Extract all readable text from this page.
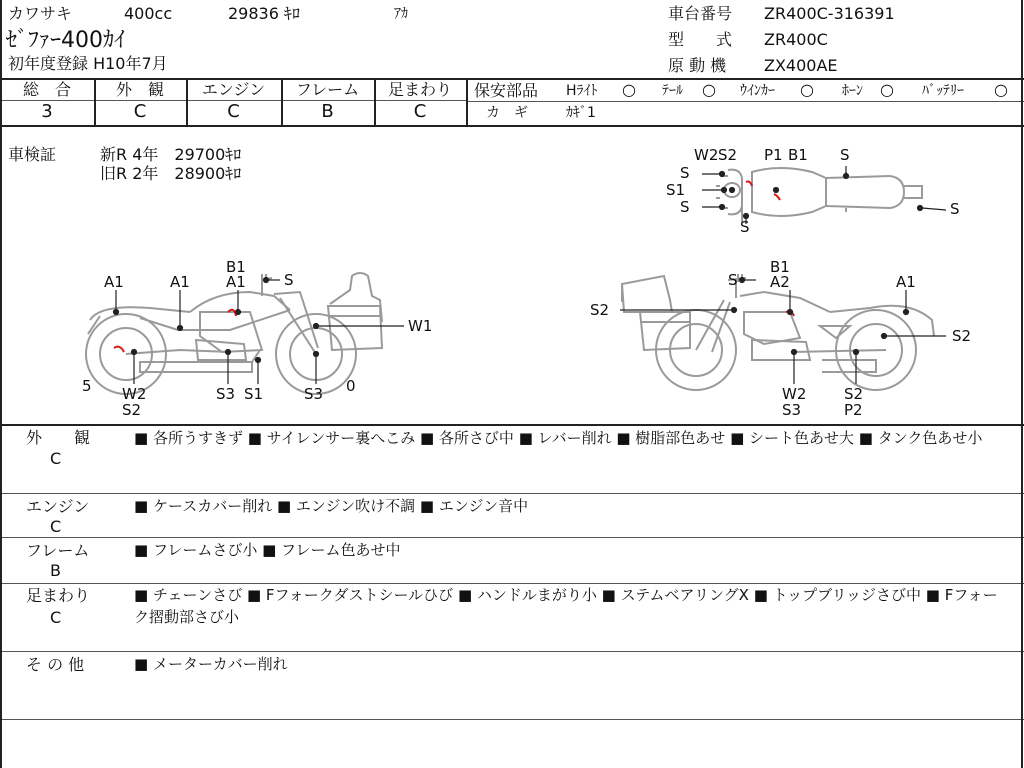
カワサキ	400cc	29836 ｷﾛ	ｱｶ
ｾﾞﾌｧｰ400ｶｲ
初年度登録 H10年7月
車台番号 ZR400C-316391
型　　式 ZR400C
原 動 機 ZX400AE
総　合	外　観	エンジン	フレーム	足まわり
3	C	C	B	C
保安部品 Hﾗｲﾄ ○ ﾃｰﾙ ○ ｳｲﾝｶｰ ○ ﾎｰﾝ ○ ﾊﾞｯﾃﾘｰ ○
カ　ギ	ｶｷﾞ1
車検証	新R 4年　29700ｷﾛ
旧R 2年　28900ｷﾛ
W2 S2 P1 B1 S
S
S1
S
S
S
B1
A1	S
A1	A1
W1
5 W2
S2
S3 S1	S3 0
S
B1
A2	A1
S2
S2
W2
S3
S2
P2
外　　観
C
■ 各所うすきず ■ サイレンサー裏へこみ ■ 各所さび中 ■ レバー削れ ■ 樹脂部色あせ ■ シート色あせ大 ■ タンク色あせ小
エンジン
C
■ ケースカバー削れ ■ エンジン吹け不調 ■ エンジン音中
フレーム
B
■ フレームさび小 ■ フレーム色あせ中
足まわり
C
■ チェーンさび ■ Fフォークダストシールひび ■ ハンドルまがり小 ■ ステムベアリングX ■ トップブリッジさび中 ■ Fフォーク摺動部さび小
そ の 他	■ メーターカバー削れ
